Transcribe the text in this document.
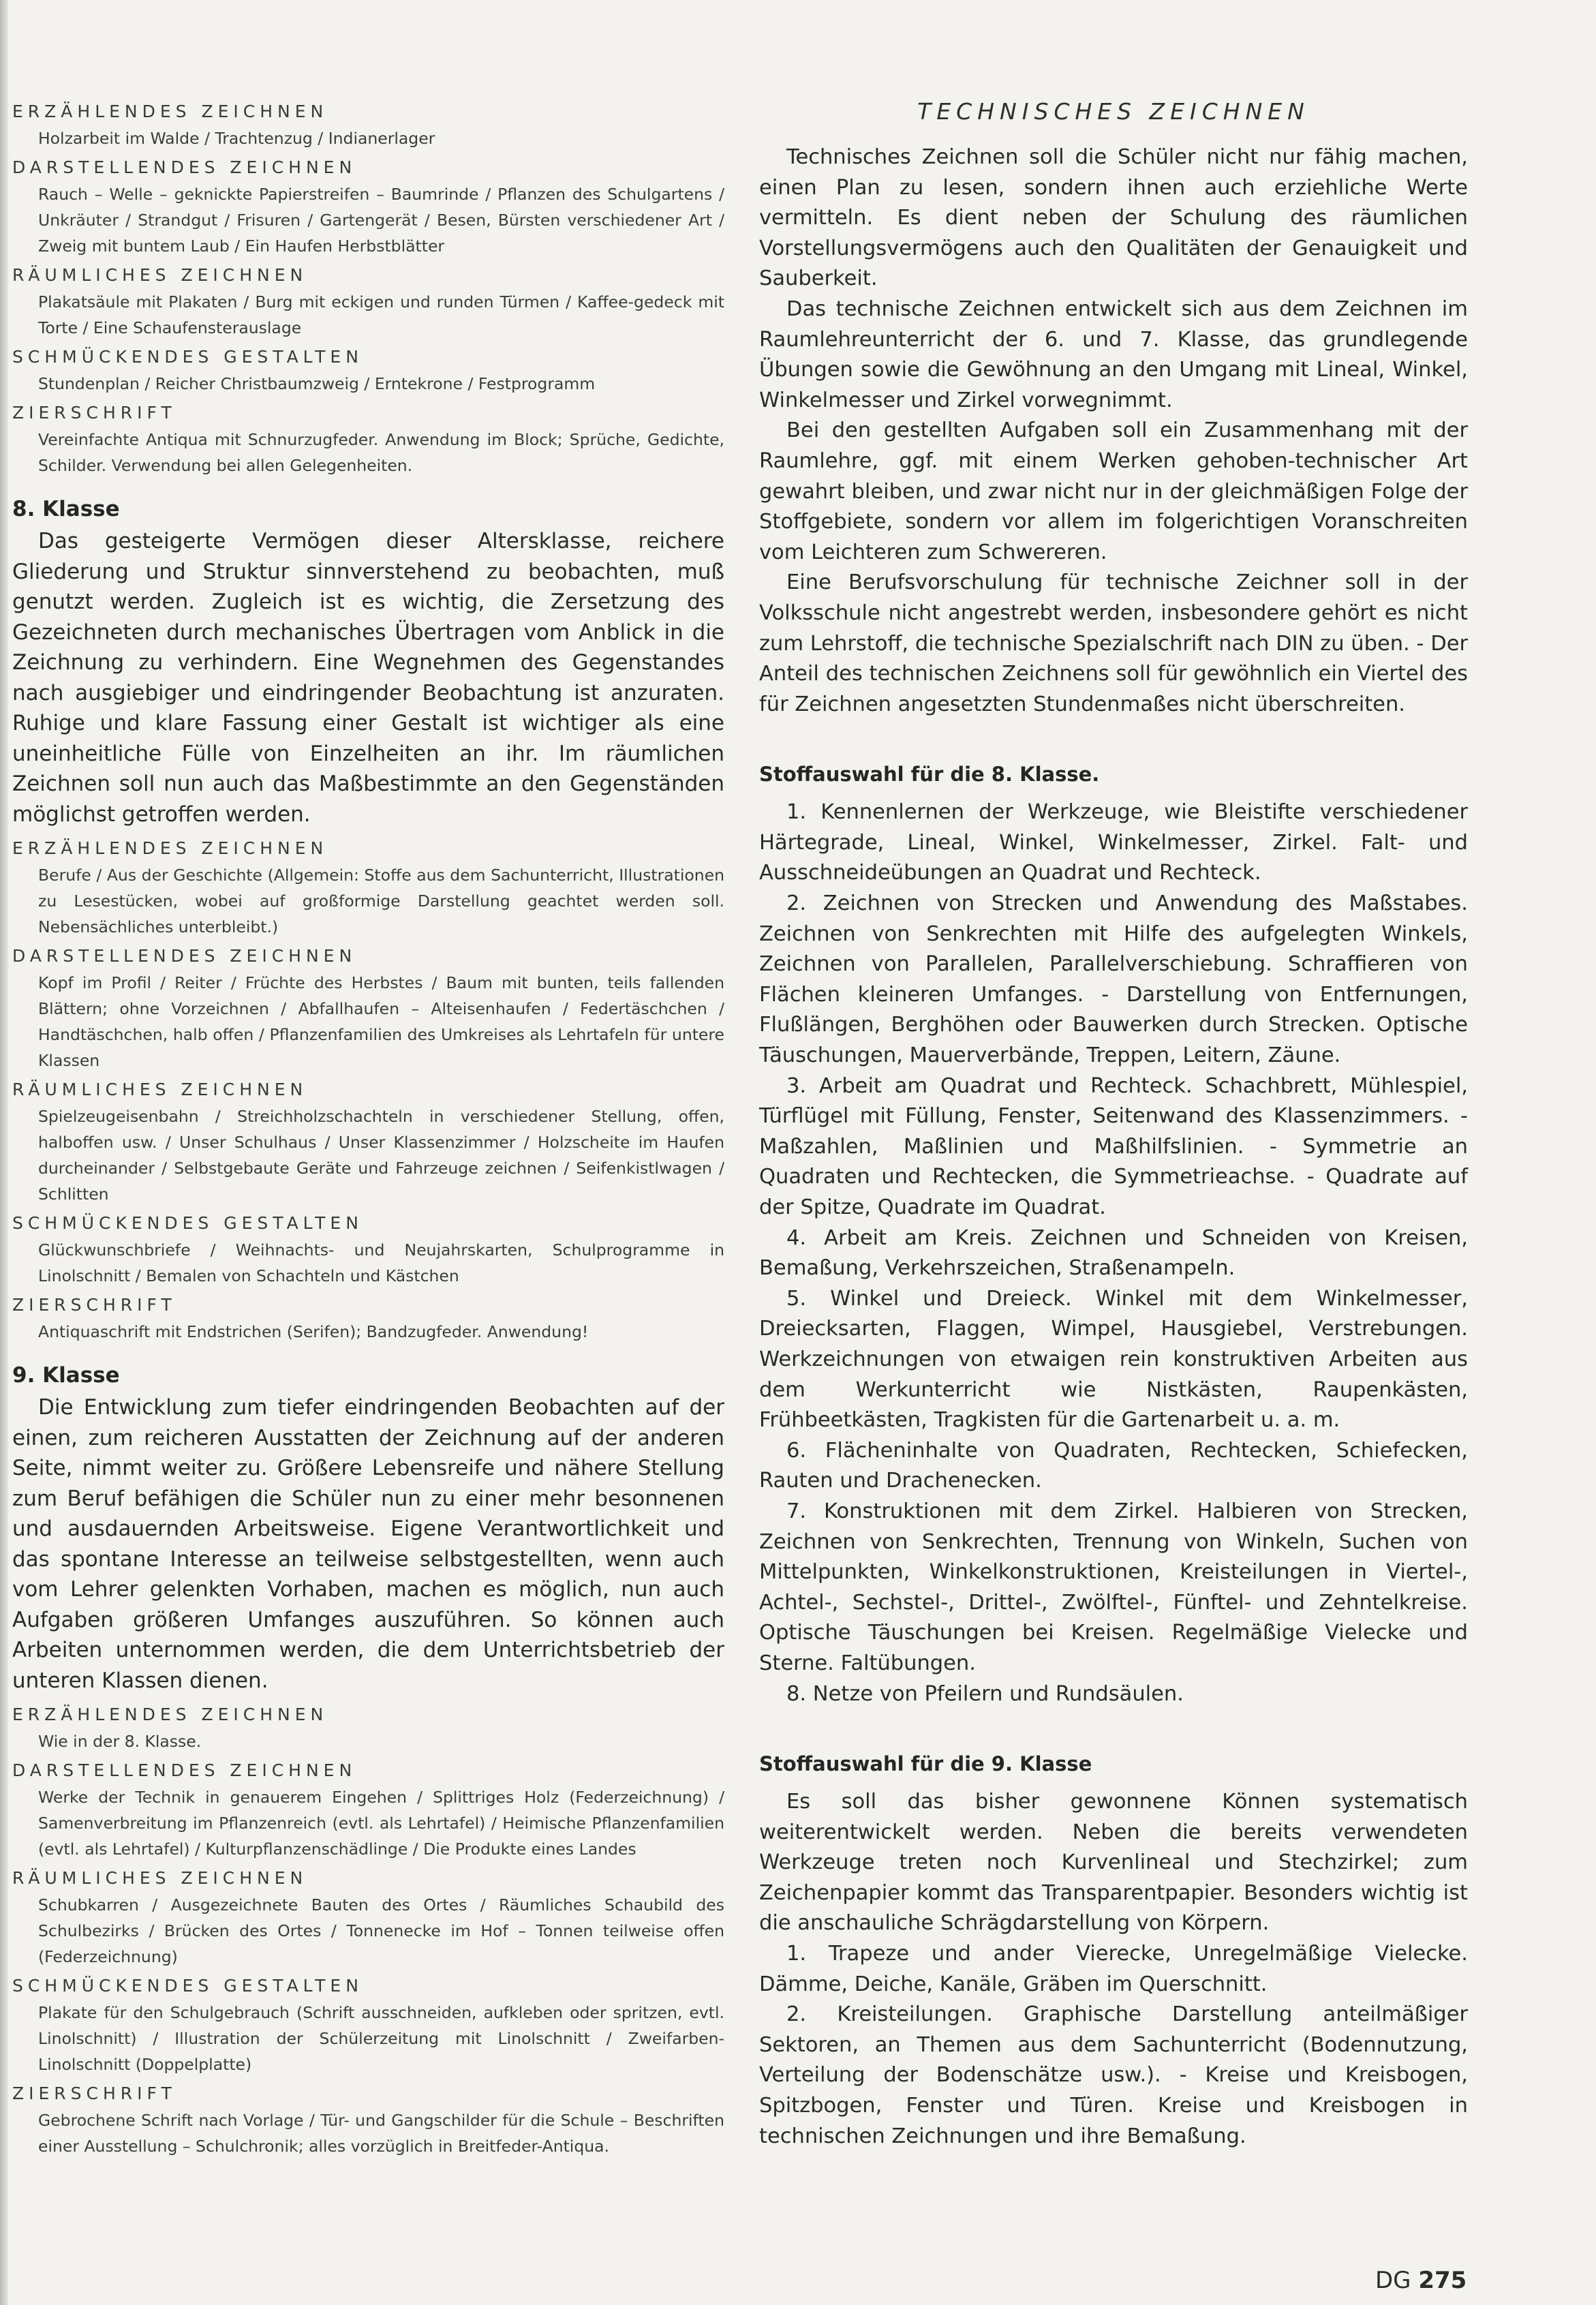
ERZÄHLENDES ZEICHNEN

Holzarbeit im Walde / Trachtenzug / Indianerlager

DARSTELLENDES ZEICHNEN

Rauch – Welle – geknickte Papierstreifen – Baumrinde / Pflanzen des Schulgartens / Unkräuter / Strandgut / Frisuren / Gartengerät / Besen, Bürsten verschiedener Art / Zweig mit buntem Laub / Ein Haufen Herbstblätter

RÄUMLICHES ZEICHNEN

Plakatsäule mit Plakaten / Burg mit eckigen und runden Türmen / Kaffee-gedeck mit Torte / Eine Schaufensterauslage

SCHMÜCKENDES GESTALTEN

Stundenplan / Reicher Christbaumzweig / Erntekrone / Festprogramm

ZIERSCHRIFT

Vereinfachte Antiqua mit Schnurzugfeder. Anwendung im Block; Sprüche, Gedichte, Schilder. Verwendung bei allen Gelegenheiten.

8. Klasse

Das gesteigerte Vermögen dieser Altersklasse, reichere Gliederung und Struktur sinnverstehend zu beobachten, muß genutzt werden. Zugleich ist es wichtig, die Zersetzung des Gezeichneten durch mechanisches Übertragen vom Anblick in die Zeichnung zu verhindern. Eine Wegnehmen des Gegenstandes nach ausgiebiger und eindringender Beobachtung ist anzuraten. Ruhige und klare Fassung einer Gestalt ist wichtiger als eine uneinheitliche Fülle von Einzelheiten an ihr. Im räumlichen Zeichnen soll nun auch das Maßbestimmte an den Gegenständen möglichst getroffen werden.

ERZÄHLENDES ZEICHNEN

Berufe / Aus der Geschichte (Allgemein: Stoffe aus dem Sachunterricht, Illustrationen zu Lesestücken, wobei auf großformige Darstellung geachtet werden soll. Nebensächliches unterbleibt.)

DARSTELLENDES ZEICHNEN

Kopf im Profil / Reiter / Früchte des Herbstes / Baum mit bunten, teils fallenden Blättern; ohne Vorzeichnen / Abfallhaufen – Alteisenhaufen / Federtäschchen / Handtäschchen, halb offen / Pflanzenfamilien des Umkreises als Lehrtafeln für untere Klassen

RÄUMLICHES ZEICHNEN

Spielzeugeisenbahn / Streichholzschachteln in verschiedener Stellung, offen, halboffen usw. / Unser Schulhaus / Unser Klassenzimmer / Holzscheite im Haufen durcheinander / Selbstgebaute Geräte und Fahrzeuge zeichnen / Seifenkistlwagen / Schlitten

SCHMÜCKENDES GESTALTEN

Glückwunschbriefe / Weihnachts- und Neujahrskarten, Schulprogramme in Linolschnitt / Bemalen von Schachteln und Kästchen

ZIERSCHRIFT

Antiquaschrift mit Endstrichen (Serifen); Bandzugfeder. Anwendung!

9. Klasse

Die Entwicklung zum tiefer eindringenden Beobachten auf der einen, zum reicheren Ausstatten der Zeichnung auf der anderen Seite, nimmt weiter zu. Größere Lebensreife und nähere Stellung zum Beruf befähigen die Schüler nun zu einer mehr besonnenen und ausdauernden Arbeitsweise. Eigene Verantwortlichkeit und das spontane Interesse an teilweise selbstgestellten, wenn auch vom Lehrer gelenkten Vorhaben, machen es möglich, nun auch Aufgaben größeren Umfanges auszuführen. So können auch Arbeiten unternommen werden, die dem Unterrichtsbetrieb der unteren Klassen dienen.

ERZÄHLENDES ZEICHNEN

Wie in der 8. Klasse.

DARSTELLENDES ZEICHNEN

Werke der Technik in genauerem Eingehen / Splittriges Holz (Federzeichnung) / Samenverbreitung im Pflanzenreich (evtl. als Lehrtafel) / Heimische Pflanzenfamilien (evtl. als Lehrtafel) / Kulturpflanzenschädlinge / Die Produkte eines Landes

RÄUMLICHES ZEICHNEN

Schubkarren / Ausgezeichnete Bauten des Ortes / Räumliches Schaubild des Schulbezirks / Brücken des Ortes / Tonnenecke im Hof – Tonnen teilweise offen (Federzeichnung)

SCHMÜCKENDES GESTALTEN

Plakate für den Schulgebrauch (Schrift ausschneiden, aufkleben oder spritzen, evtl. Linolschnitt) / Illustration der Schülerzeitung mit Linolschnitt / Zweifarben-Linolschnitt (Doppelplatte)

ZIERSCHRIFT

Gebrochene Schrift nach Vorlage / Tür- und Gangschilder für die Schule – Beschriften einer Ausstellung – Schulchronik; alles vorzüglich in Breitfeder-Antiqua.

TECHNISCHES ZEICHNEN

Technisches Zeichnen soll die Schüler nicht nur fähig machen, einen Plan zu lesen, sondern ihnen auch erziehliche Werte vermitteln. Es dient neben der Schulung des räumlichen Vorstellungsvermögens auch den Qualitäten der Genauigkeit und Sauberkeit.

Das technische Zeichnen entwickelt sich aus dem Zeichnen im Raumlehreunterricht der 6. und 7. Klasse, das grundlegende Übungen sowie die Gewöhnung an den Umgang mit Lineal, Winkel, Winkelmesser und Zirkel vorwegnimmt.

Bei den gestellten Aufgaben soll ein Zusammenhang mit der Raumlehre, ggf. mit einem Werken gehoben-technischer Art gewahrt bleiben, und zwar nicht nur in der gleichmäßigen Folge der Stoffgebiete, sondern vor allem im folgerichtigen Voranschreiten vom Leichteren zum Schwereren.

Eine Berufsvorschulung für technische Zeichner soll in der Volksschule nicht angestrebt werden, insbesondere gehört es nicht zum Lehrstoff, die technische Spezialschrift nach DIN zu üben. - Der Anteil des technischen Zeichnens soll für gewöhnlich ein Viertel des für Zeichnen angesetzten Stundenmaßes nicht überschreiten.

Stoffauswahl für die 8. Klasse.

1. Kennenlernen der Werkzeuge, wie Bleistifte verschiedener Härtegrade, Lineal, Winkel, Winkelmesser, Zirkel. Falt- und Ausschneideübungen an Quadrat und Rechteck.

2. Zeichnen von Strecken und Anwendung des Maßstabes. Zeichnen von Senkrechten mit Hilfe des aufgelegten Winkels, Zeichnen von Parallelen, Parallelverschiebung. Schraffieren von Flächen kleineren Umfanges. - Darstellung von Entfernungen, Flußlängen, Berghöhen oder Bauwerken durch Strecken. Optische Täuschungen, Mauerverbände, Treppen, Leitern, Zäune.

3. Arbeit am Quadrat und Rechteck. Schachbrett, Mühlespiel, Türflügel mit Füllung, Fenster, Seitenwand des Klassenzimmers. - Maßzahlen, Maßlinien und Maßhilfslinien. - Symmetrie an Quadraten und Rechtecken, die Symmetrieachse. - Quadrate auf der Spitze, Quadrate im Quadrat.

4. Arbeit am Kreis. Zeichnen und Schneiden von Kreisen, Bemaßung, Verkehrszeichen, Straßenampeln.

5. Winkel und Dreieck. Winkel mit dem Winkelmesser, Dreiecksarten, Flaggen, Wimpel, Hausgiebel, Verstrebungen. Werkzeichnungen von etwaigen rein konstruktiven Arbeiten aus dem Werkunterricht wie Nistkästen, Raupenkästen, Frühbeetkästen, Tragkisten für die Gartenarbeit u. a. m.

6. Flächeninhalte von Quadraten, Rechtecken, Schiefecken, Rauten und Drachenecken.

7. Konstruktionen mit dem Zirkel. Halbieren von Strecken, Zeichnen von Senkrechten, Trennung von Winkeln, Suchen von Mittelpunkten, Winkelkonstruktionen, Kreisteilungen in Viertel-, Achtel-, Sechstel-, Drittel-, Zwölftel-, Fünftel- und Zehntelkreise. Optische Täuschungen bei Kreisen. Regelmäßige Vielecke und Sterne. Faltübungen.

8. Netze von Pfeilern und Rundsäulen.

Stoffauswahl für die 9. Klasse

Es soll das bisher gewonnene Können systematisch weiterentwickelt werden. Neben die bereits verwendeten Werkzeuge treten noch Kurvenlineal und Stechzirkel; zum Zeichenpapier kommt das Transparentpapier. Besonders wichtig ist die anschauliche Schrägdarstellung von Körpern.

1. Trapeze und ander Vierecke, Unregelmäßige Vielecke. Dämme, Deiche, Kanäle, Gräben im Querschnitt.

2. Kreisteilungen. Graphische Darstellung anteilmäßiger Sektoren, an Themen aus dem Sachunterricht (Bodennutzung, Verteilung der Bodenschätze usw.). - Kreise und Kreisbogen, Spitzbogen, Fenster und Türen. Kreise und Kreisbogen in technischen Zeichnungen und ihre Bemaßung.

DG 275
